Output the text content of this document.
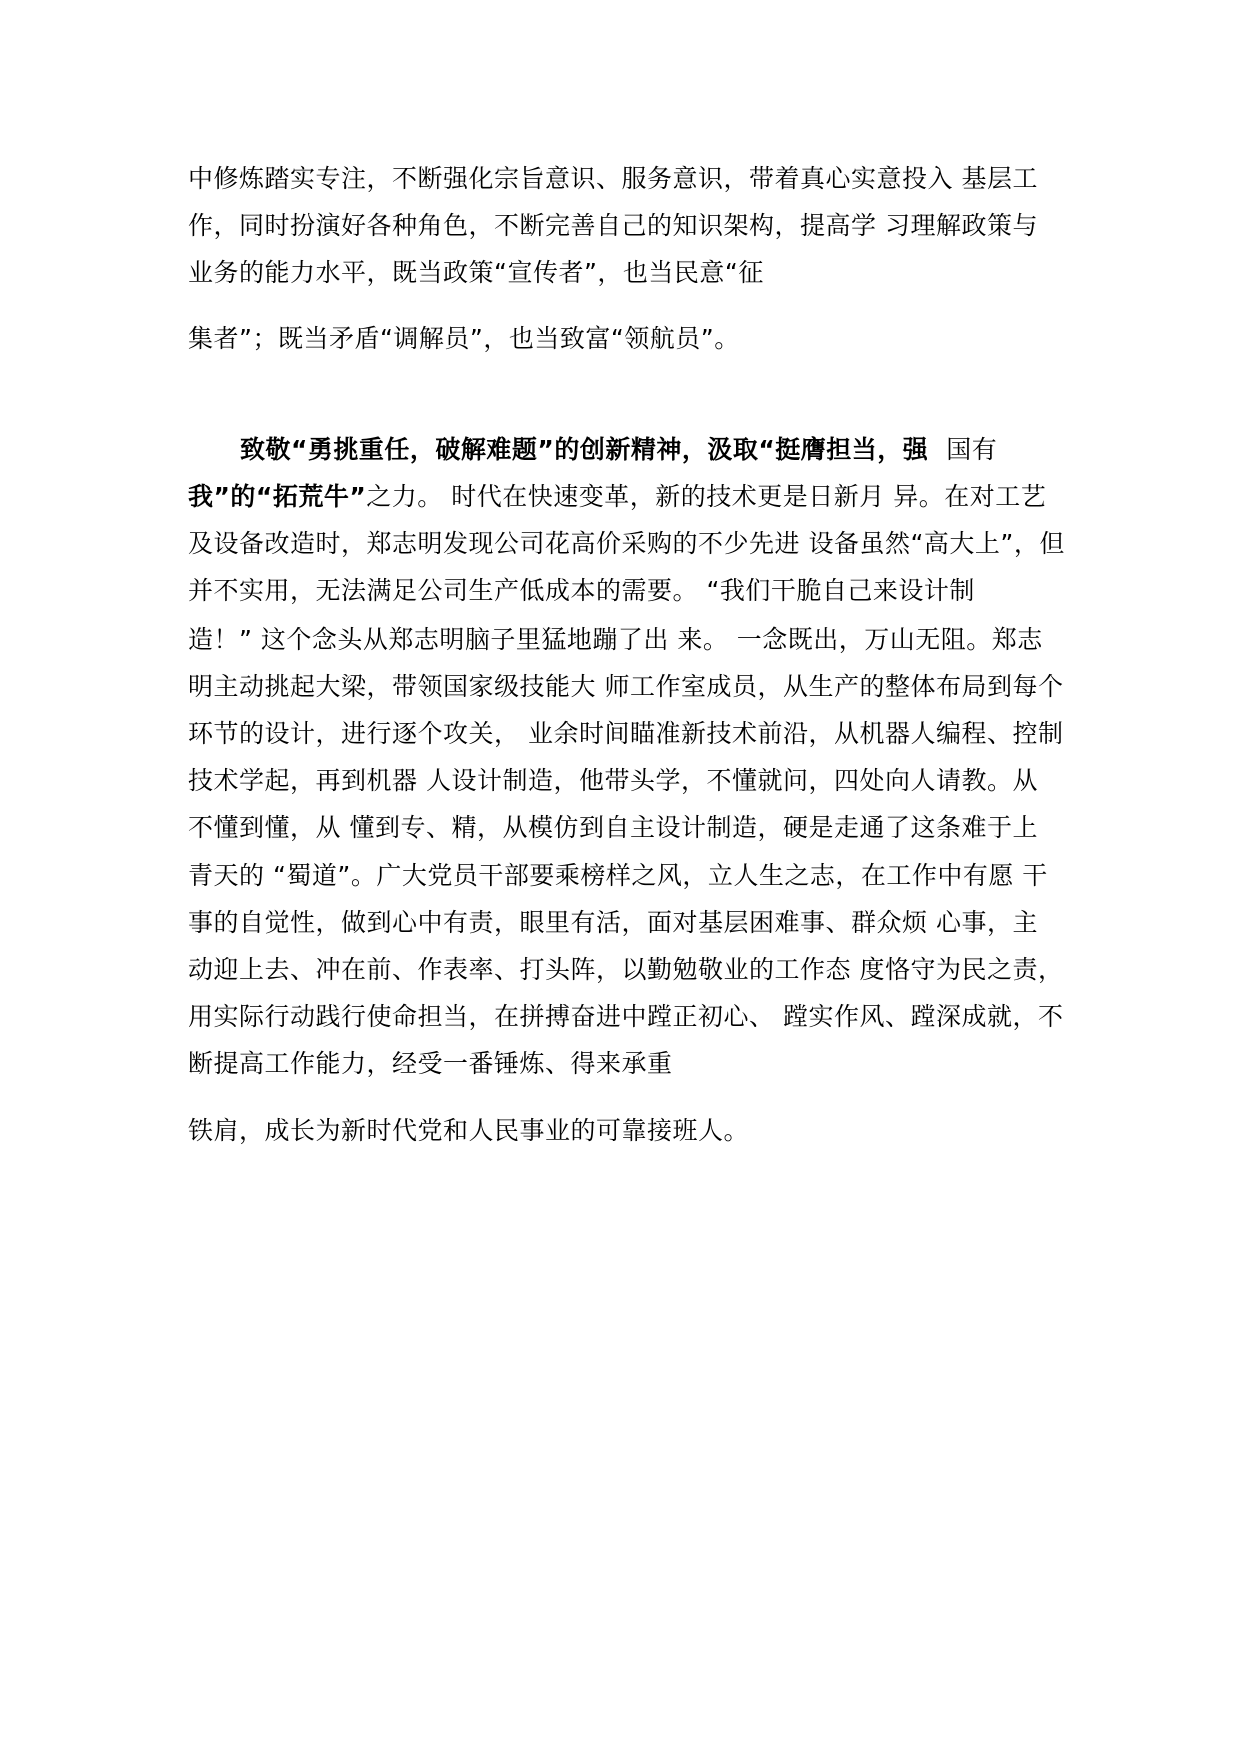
中修炼踏实专注，不断强化宗旨意识、服务意识，带着真心实意投入 基层工
作，同时扮演好各种角色，不断完善自己的知识架构，提高学 习理解政策与
业务的能力水平，既当政策“宣传者”，也当民意“征
集者”；既当矛盾“调解员”，也当致富“领航员”。
致敬“勇挑重任，破解难题”的创新精神，汲取“挺膺担当，强 国有
我”的“拓荒牛”之力。 时代在快速变革，新的技术更是日新月 异。在对工艺
及设备改造时，郑志明发现公司花高价采购的不少先进 设备虽然“高大上”，但
并不实用，无法满足公司生产低成本的需要。 “我们干脆自己来设计制
造！” 这个念头从郑志明脑子里猛地蹦了出 来。 一念既出，万山无阻。郑志
明主动挑起大梁，带领国家级技能大 师工作室成员，从生产的整体布局到每个
环节的设计，进行逐个攻关， 业余时间瞄准新技术前沿，从机器人编程、控制
技术学起，再到机器 人设计制造，他带头学，不懂就问，四处向人请教。从
不懂到懂，从 懂到专、精，从模仿到自主设计制造，硬是走通了这条难于上
青天的 “蜀道”。广大党员干部要乘榜样之风，立人生之志，在工作中有愿 干
事的自觉性，做到心中有责，眼里有活，面对基层困难事、群众烦 心事，主
动迎上去、冲在前、作表率、打头阵，以勤勉敬业的工作态 度恪守为民之责，
用实际行动践行使命担当，在拼搏奋进中蹚正初心、 蹚实作风、蹚深成就，不
断提高工作能力，经受一番锤炼、得来承重
铁肩，成长为新时代党和人民事业的可靠接班人。
